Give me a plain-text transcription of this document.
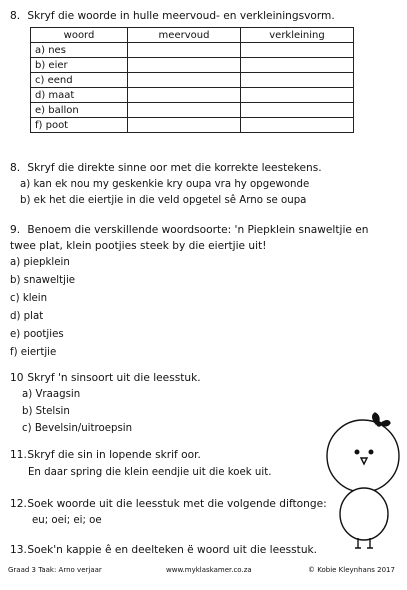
8. Skryf die woorde in hulle meervoud- en verkleiningsvorm.
woord	meervoud	verkleining
a) nes		
b) eier		
c) eend		
d) maat		
e) ballon		
f) poot		
8. Skryf die direkte sinne oor met die korrekte leestekens.
a) kan ek nou my geskenkie kry oupa vra hy opgewonde
b) ek het die eiertjie in die veld opgetel sê Arno se oupa
9. Benoem die verskillende woordsoorte: 'n Piepklein snaweltjie en
twee plat, klein pootjies steek by die eiertjie uit!
a) piepklein
b) snaweltjie
c) klein
d) plat
e) pootjies
f) eiertjie
10 Skryf 'n sinsoort uit die leesstuk.
a) Vraagsin
b) Stelsin
c) Bevelsin/uitroepsin
11. Skryf die sin in lopende skrif oor.
En daar spring die klein eendjie uit die koek uit.
12. Soek woorde uit die leesstuk met die volgende diftonge:
eu; oei; ei; oe
13. Soek'n kappie ê en deelteken ë woord uit die leesstuk.
Graad 3 Taak: Arno verjaar	www.myklaskamer.co.za	© Kobie Kleynhans 2017
